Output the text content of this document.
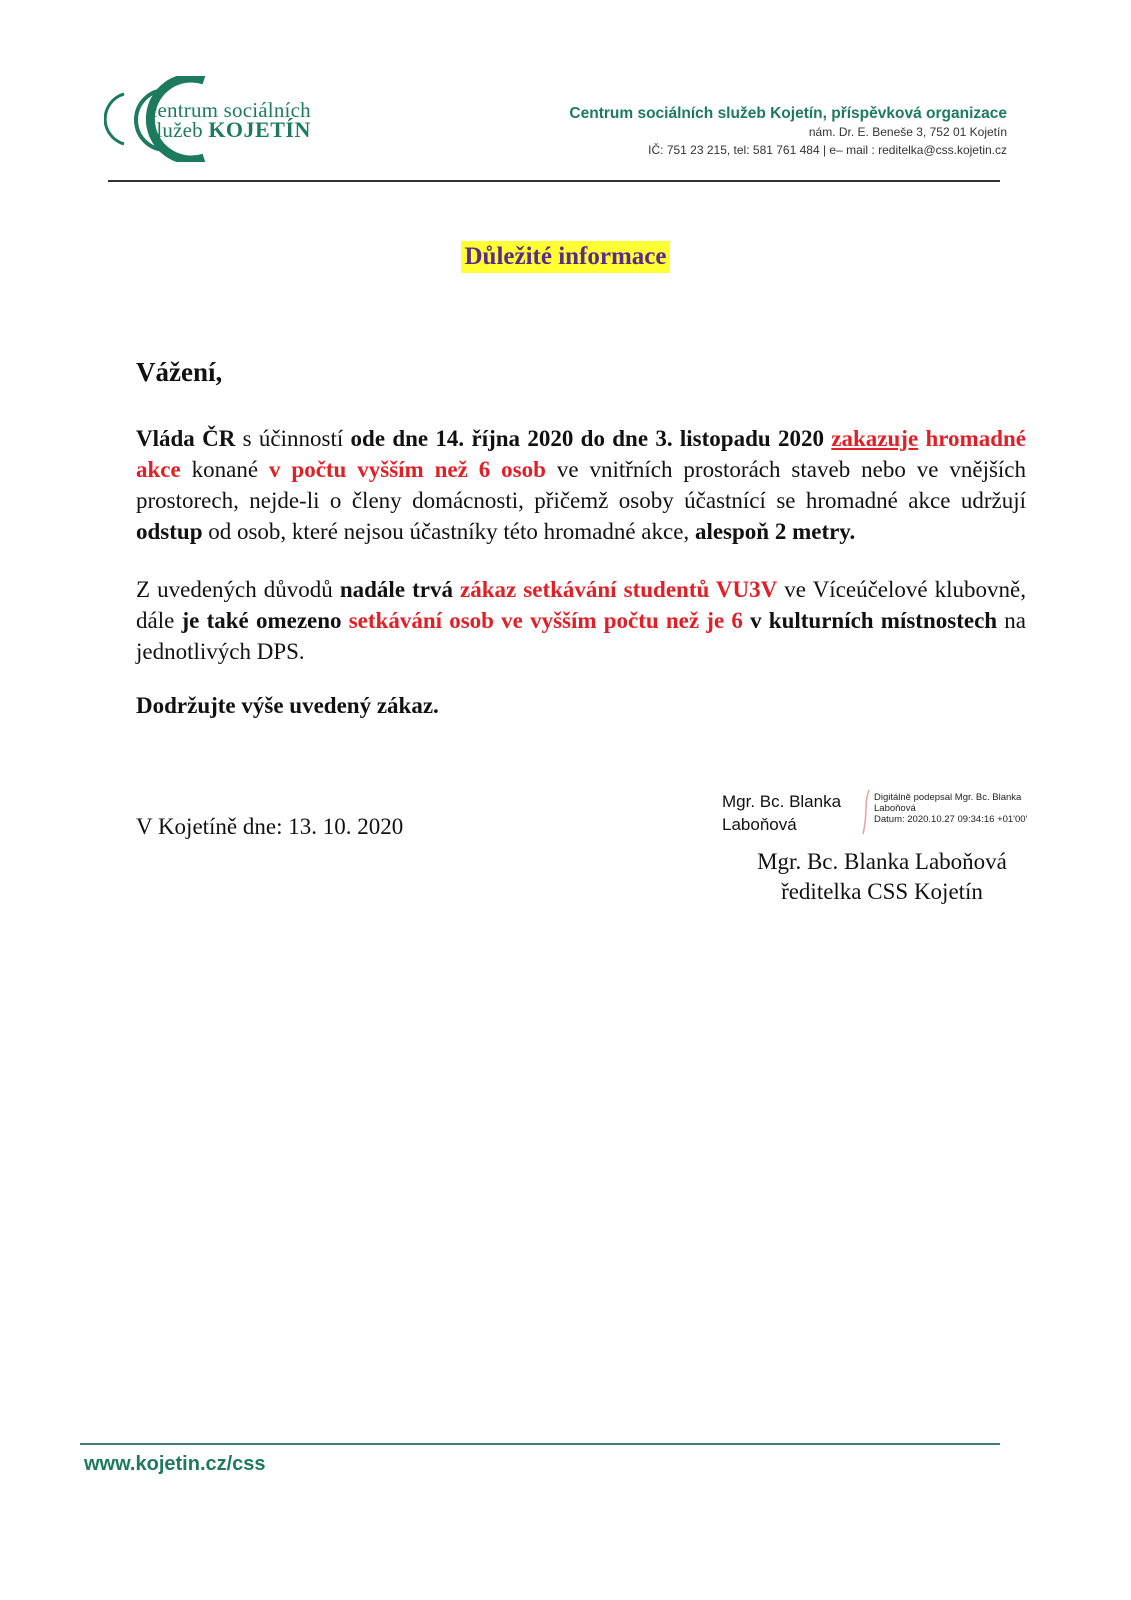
centrum sociálních
služeb KOJETÍN
Centrum sociálních služeb Kojetín, příspěvková organizace
nám. Dr. E. Beneše 3, 752 01 Kojetín
IČ: 751 23 215, tel: 581 761 484 | e– mail : reditelka@css.kojetin.cz
Důležité informace
Vážení,

Vláda ČR s účinností ode dne 14. října 2020 do dne 3. listopadu 2020 zakazuje hromadné akce konané v počtu vyšším než 6 osob ve vnitřních prostorách staveb nebo ve vnějších prostorech, nejde-li o členy domácnosti, přičemž osoby účastnící se hromadné akce udržují odstup od osob, které nejsou účastníky této hromadné akce, alespoň 2 metry.

Z uvedených důvodů nadále trvá zákaz setkávání studentů VU3V ve Víceúčelové klubovně, dále je také omezeno setkávání osob ve vyšším počtu než je 6 v kulturních místnostech na jednotlivých DPS.

Dodržujte výše uvedený zákaz.
V Kojetíně dne: 13. 10. 2020
Mgr. Bc. Blanka
Laboňová
Digitálně podepsal Mgr. Bc. Blanka
Laboňová
Datum: 2020.10.27 09:34:16 +01'00'
Mgr. Bc. Blanka Laboňová
ředitelka CSS Kojetín
www.kojetin.cz/css
